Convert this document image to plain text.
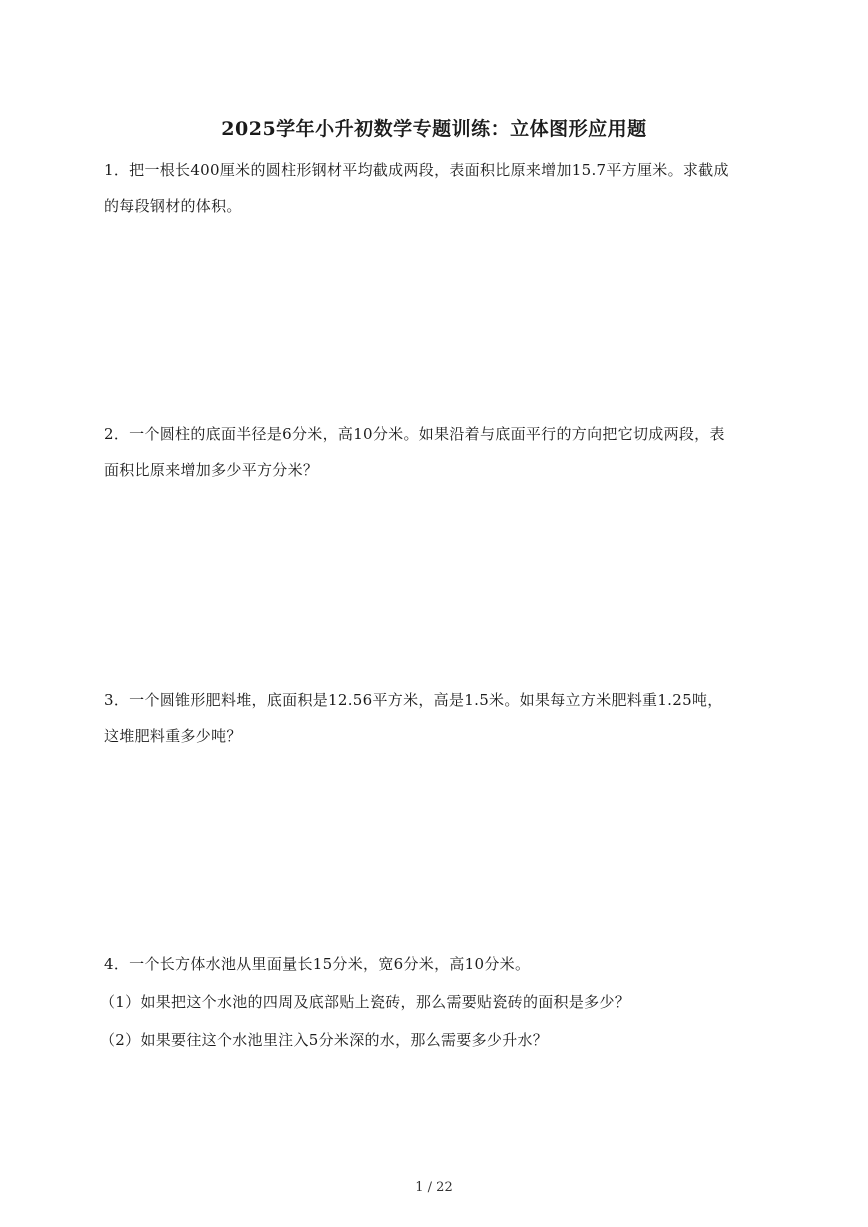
2025学年小升初数学专题训练：立体图形应用题
1．把一根长400厘米的圆柱形钢材平均截成两段，表面积比原来增加15.7平方厘米。求截成
的每段钢材的体积。
2．一个圆柱的底面半径是6分米，高10分米。如果沿着与底面平行的方向把它切成两段，表
面积比原来增加多少平方分米？
3．一个圆锥形肥料堆，底面积是12.56平方米，高是1.5米。如果每立方米肥料重1.25吨，
这堆肥料重多少吨？
4．一个长方体水池从里面量长15分米，宽6分米，高10分米。
（1）如果把这个水池的四周及底部贴上瓷砖，那么需要贴瓷砖的面积是多少？
（2）如果要往这个水池里注入5分米深的水，那么需要多少升水？
1 / 22
